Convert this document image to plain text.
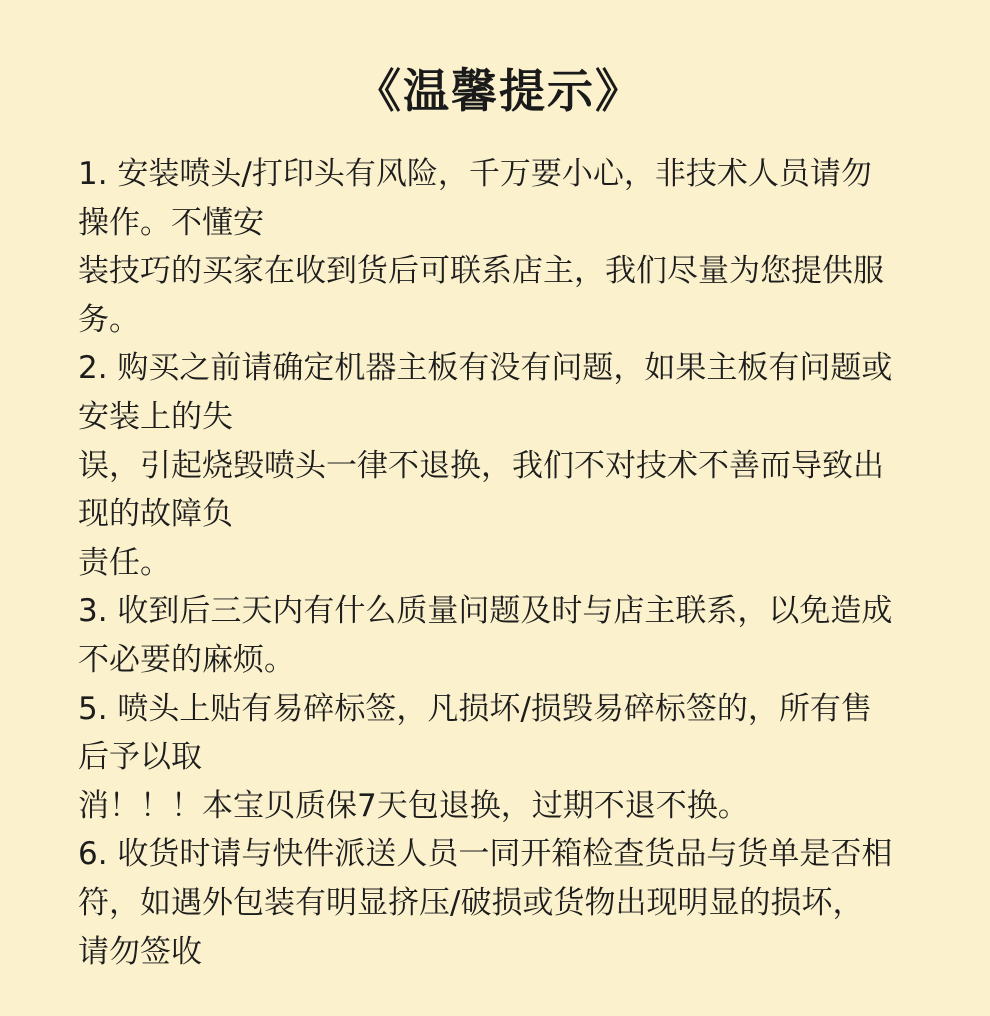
《温馨提示》
1. 安装喷头/打印头有风险，千万要小心，非技术人员请勿
操作。不懂安
装技巧的买家在收到货后可联系店主，我们尽量为您提供服
务。
2. 购买之前请确定机器主板有没有问题，如果主板有问题或
安装上的失
误，引起烧毁喷头一律不退换，我们不对技术不善而导致出
现的故障负
责任。
3. 收到后三天内有什么质量问题及时与店主联系，以免造成
不必要的麻烦。
5. 喷头上贴有易碎标签，凡损坏/损毁易碎标签的，所有售
后予以取
消！！！本宝贝质保7天包退换，过期不退不换。
6. 收货时请与快件派送人员一同开箱检查货品与货单是否相
符，如遇外包装有明显挤压/破损或货物出现明显的损坏，
请勿签收
